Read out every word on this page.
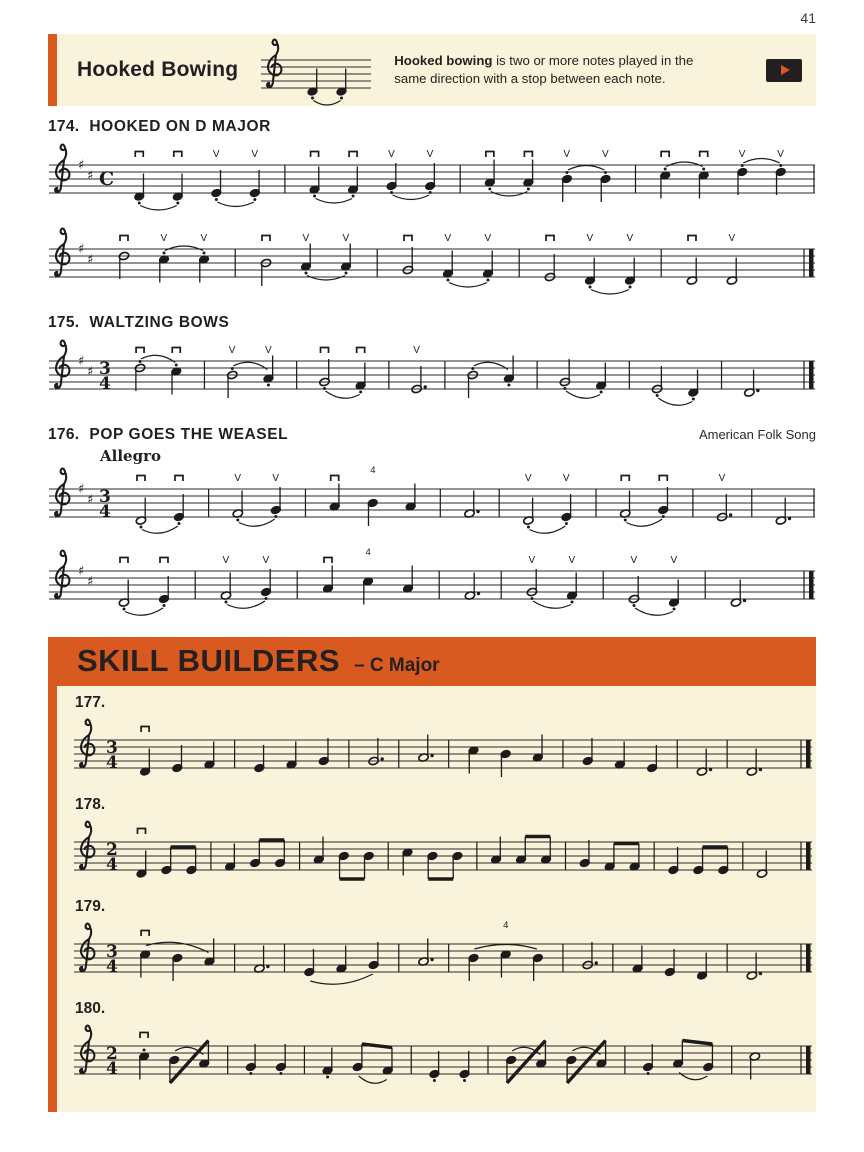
41
Hooked Bowing	Hooked bowing is two or more notes played in the same direction with a stop between each note.
174. HOOKED ON D MAJOR
♯
♯ C
V	V	V	V	V	V	V	V
♯
♯
V	V	V	V	V	V	V	V	V
175. WALTZING BOWS
♯
♯ 3
4
V	V	V
176. POP GOES THE WEASEL	American Folk Song
Allegro
♯
♯ 3
4
V	V
4
V	V	V
♯
♯
V	V
4
V	V	V	V
SKILL BUILDERS – C Major
177.
3
4
178.
2
4
179.
3
4
4
180.
2
4
